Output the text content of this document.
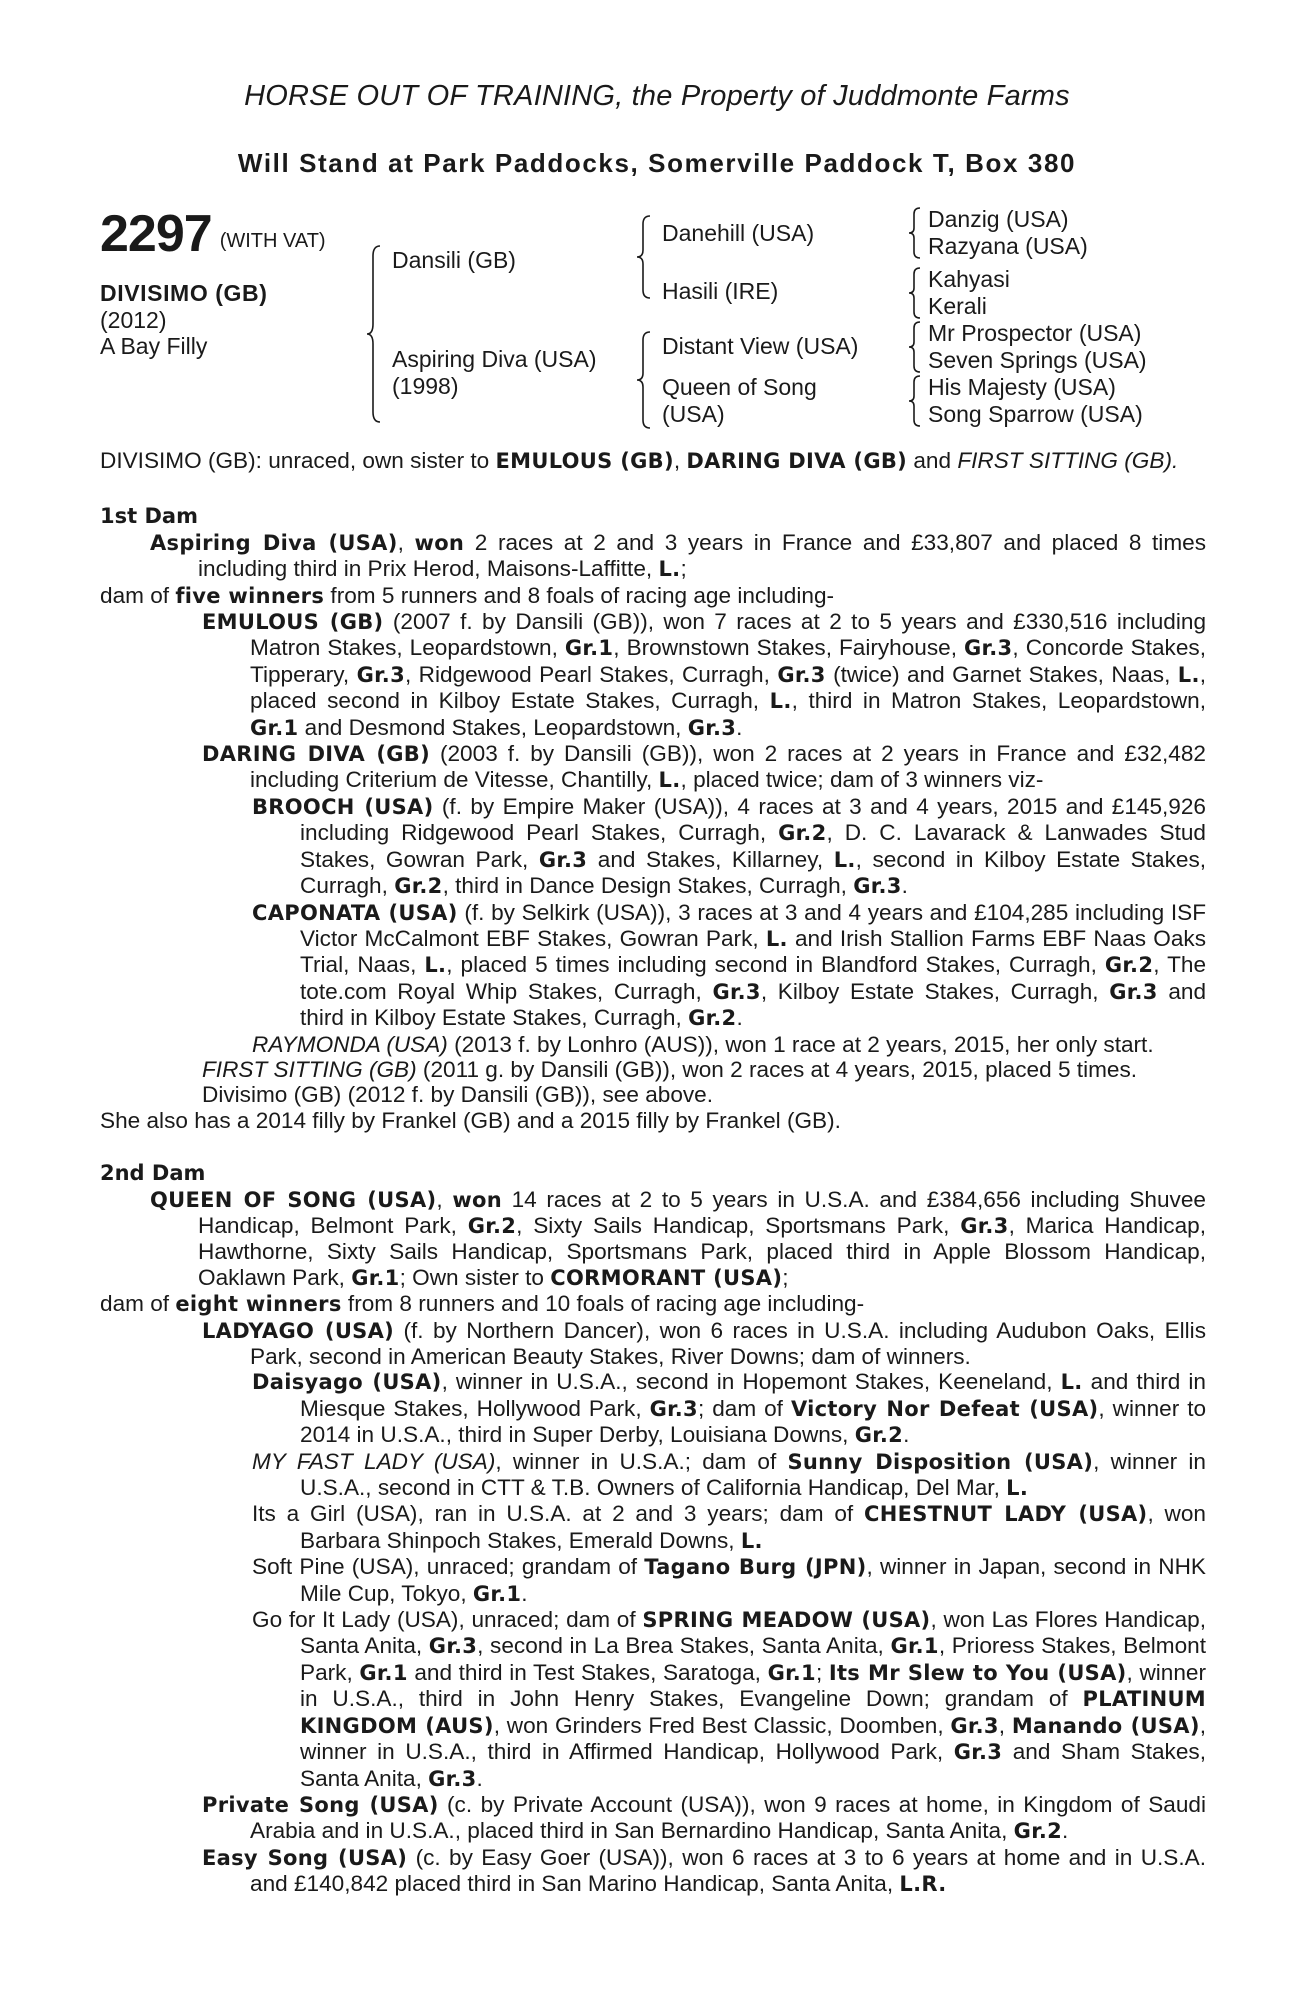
HORSE OUT OF TRAINING, the Property of Juddmonte Farms
Will Stand at Park Paddocks, Somerville Paddock T, Box 380
2297 (WITH VAT)
DIVISIMO (GB)
(2012)
A Bay Filly
Dansili (GB)
Aspiring Diva (USA)
(1998)
Danehill (USA)
Hasili (IRE)
Distant View (USA)
Queen of Song
(USA)
Danzig (USA)
Razyana (USA)
Kahyasi
Kerali
Mr Prospector (USA)
Seven Springs (USA)
His Majesty (USA)
Song Sparrow (USA)

DIVISIMO (GB): unraced, own sister to EMULOUS (GB), DARING DIVA (GB) and FIRST SITTING (GB).

1st Dam

Aspiring Diva (USA), won 2 races at 2 and 3 years in France and £33,807 and placed 8 times including third in Prix Herod, Maisons-Laffitte, L.;

dam of five winners from 5 runners and 8 foals of racing age including-

EMULOUS (GB) (2007 f. by Dansili (GB)), won 7 races at 2 to 5 years and £330,516 including Matron Stakes, Leopardstown, Gr.1, Brownstown Stakes, Fairyhouse, Gr.3, Concorde Stakes, Tipperary, Gr.3, Ridgewood Pearl Stakes, Curragh, Gr.3 (twice) and Garnet Stakes, Naas, L., placed second in Kilboy Estate Stakes, Curragh, L., third in Matron Stakes, Leopardstown, Gr.1 and Desmond Stakes, Leopardstown, Gr.3.

DARING DIVA (GB) (2003 f. by Dansili (GB)), won 2 races at 2 years in France and £32,482 including Criterium de Vitesse, Chantilly, L., placed twice; dam of 3 winners viz-

BROOCH (USA) (f. by Empire Maker (USA)), 4 races at 3 and 4 years, 2015 and £145,926 including Ridgewood Pearl Stakes, Curragh, Gr.2, D. C. Lavarack & Lanwades Stud Stakes, Gowran Park, Gr.3 and Stakes, Killarney, L., second in Kilboy Estate Stakes, Curragh, Gr.2, third in Dance Design Stakes, Curragh, Gr.3.

CAPONATA (USA) (f. by Selkirk (USA)), 3 races at 3 and 4 years and £104,285 including ISF Victor McCalmont EBF Stakes, Gowran Park, L. and Irish Stallion Farms EBF Naas Oaks Trial, Naas, L., placed 5 times including second in Blandford Stakes, Curragh, Gr.2, The tote.com Royal Whip Stakes, Curragh, Gr.3, Kilboy Estate Stakes, Curragh, Gr.3 and third in Kilboy Estate Stakes, Curragh, Gr.2.

RAYMONDA (USA) (2013 f. by Lonhro (AUS)), won 1 race at 2 years, 2015, her only start.

FIRST SITTING (GB) (2011 g. by Dansili (GB)), won 2 races at 4 years, 2015, placed 5 times.

Divisimo (GB) (2012 f. by Dansili (GB)), see above.

She also has a 2014 filly by Frankel (GB) and a 2015 filly by Frankel (GB).

2nd Dam

QUEEN OF SONG (USA), won 14 races at 2 to 5 years in U.S.A. and £384,656 including Shuvee Handicap, Belmont Park, Gr.2, Sixty Sails Handicap, Sportsmans Park, Gr.3, Marica Handicap, Hawthorne, Sixty Sails Handicap, Sportsmans Park, placed third in Apple Blossom Handicap, Oaklawn Park, Gr.1; Own sister to CORMORANT (USA);

dam of eight winners from 8 runners and 10 foals of racing age including-

LADYAGO (USA) (f. by Northern Dancer), won 6 races in U.S.A. including Audubon Oaks, Ellis Park, second in American Beauty Stakes, River Downs; dam of winners.

Daisyago (USA), winner in U.S.A., second in Hopemont Stakes, Keeneland, L. and third in Miesque Stakes, Hollywood Park, Gr.3; dam of Victory Nor Defeat (USA), winner to 2014 in U.S.A., third in Super Derby, Louisiana Downs, Gr.2.

MY FAST LADY (USA), winner in U.S.A.; dam of Sunny Disposition (USA), winner in U.S.A., second in CTT & T.B. Owners of California Handicap, Del Mar, L.

Its a Girl (USA), ran in U.S.A. at 2 and 3 years; dam of CHESTNUT LADY (USA), won Barbara Shinpoch Stakes, Emerald Downs, L.

Soft Pine (USA), unraced; grandam of Tagano Burg (JPN), winner in Japan, second in NHK Mile Cup, Tokyo, Gr.1.

Go for It Lady (USA), unraced; dam of SPRING MEADOW (USA), won Las Flores Handicap, Santa Anita, Gr.3, second in La Brea Stakes, Santa Anita, Gr.1, Prioress Stakes, Belmont Park, Gr.1 and third in Test Stakes, Saratoga, Gr.1; Its Mr Slew to You (USA), winner in U.S.A., third in John Henry Stakes, Evangeline Down; grandam of PLATINUM KINGDOM (AUS), won Grinders Fred Best Classic, Doomben, Gr.3, Manando (USA), winner in U.S.A., third in Affirmed Handicap, Hollywood Park, Gr.3 and Sham Stakes, Santa Anita, Gr.3.

Private Song (USA) (c. by Private Account (USA)), won 9 races at home, in Kingdom of Saudi Arabia and in U.S.A., placed third in San Bernardino Handicap, Santa Anita, Gr.2.

Easy Song (USA) (c. by Easy Goer (USA)), won 6 races at 3 to 6 years at home and in U.S.A. and £140,842 placed third in San Marino Handicap, Santa Anita, L.R.
